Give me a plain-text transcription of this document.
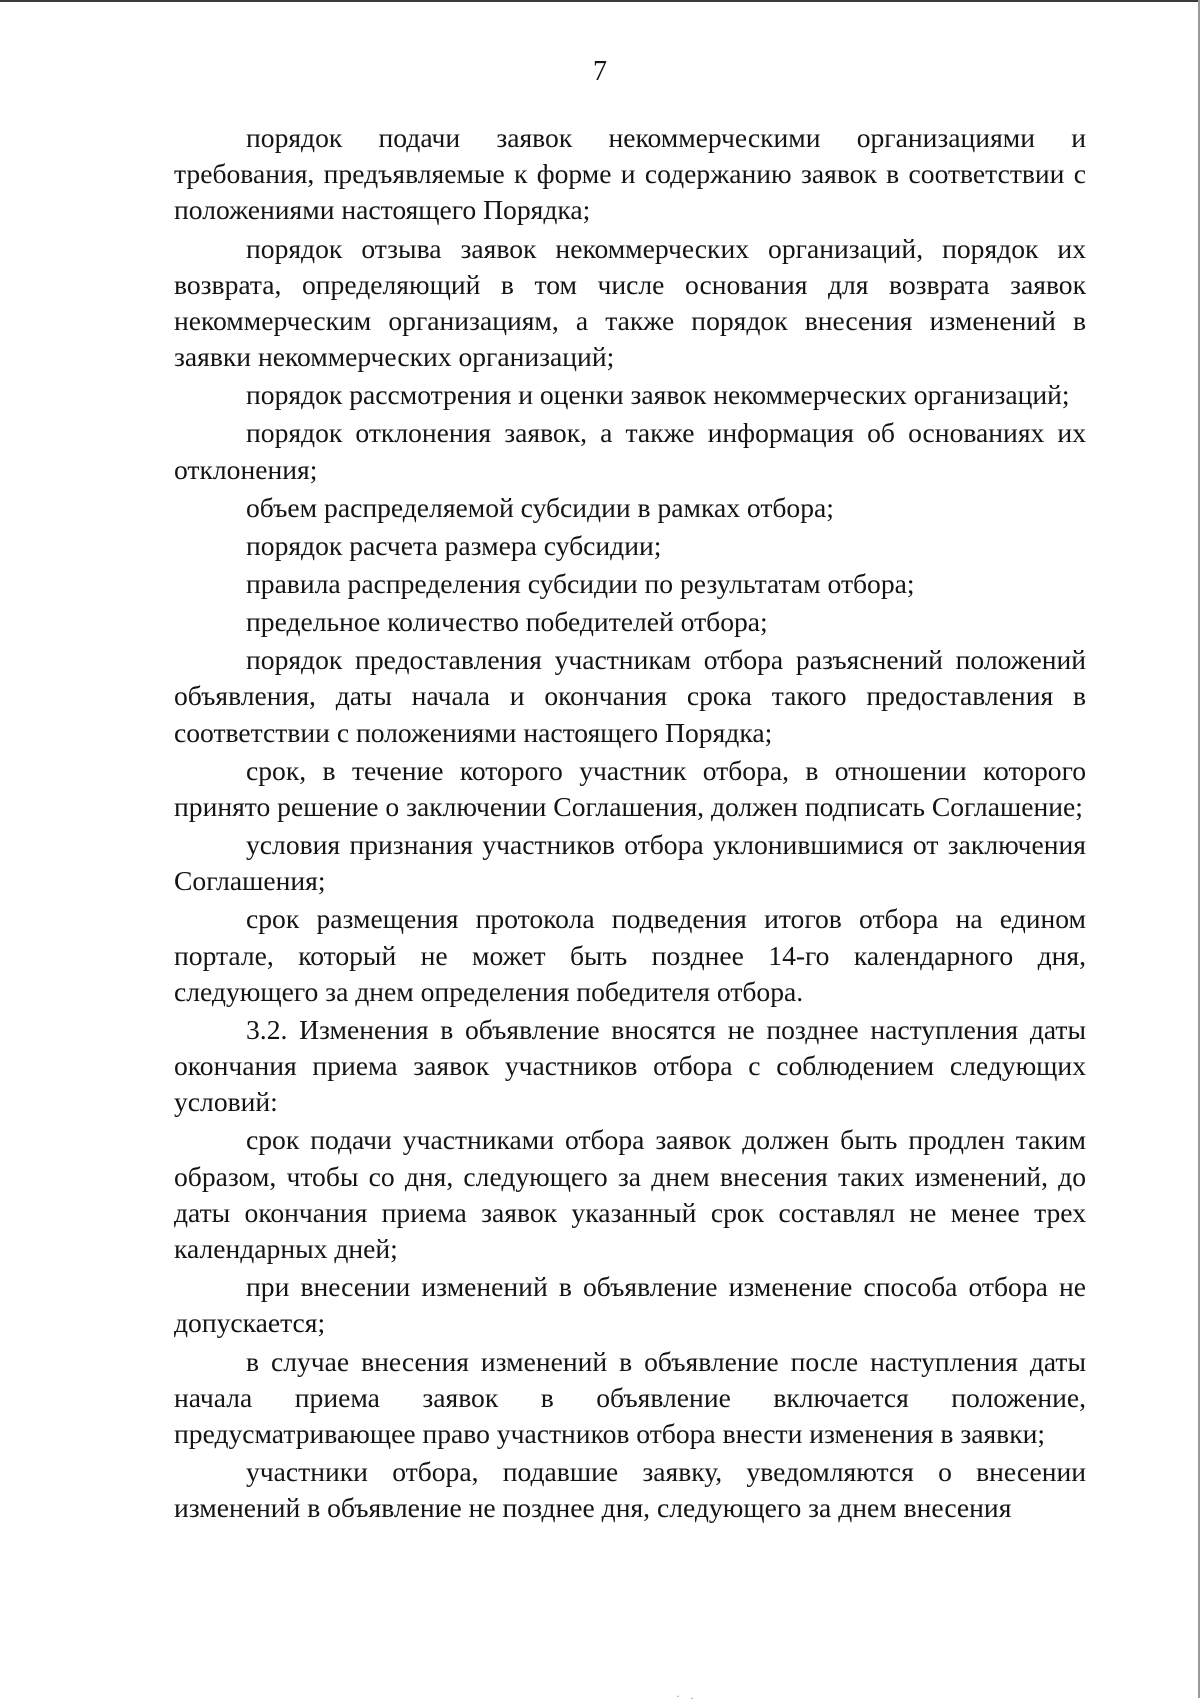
7

порядок подачи заявок некоммерческими организациями и требования, предъявляемые к форме и содержанию заявок в соответствии с положениями настоящего Порядка;

порядок отзыва заявок некоммерческих организаций, порядок их возврата, определяющий в том числе основания для возврата заявок некоммерческим организациям, а также порядок внесения изменений в заявки некоммерческих организаций;

порядок рассмотрения и оценки заявок некоммерческих организаций;

порядок отклонения заявок, а также информация об основаниях их отклонения;

объем распределяемой субсидии в рамках отбора;

порядок расчета размера субсидии;

правила распределения субсидии по результатам отбора;

предельное количество победителей отбора;

порядок предоставления участникам отбора разъяснений положений объявления, даты начала и окончания срока такого предоставления в соответствии с положениями настоящего Порядка;

срок, в течение которого участник отбора, в отношении которого принято решение о заключении Соглашения, должен подписать Соглашение;

условия признания участников отбора уклонившимися от заключения Соглашения;

срок размещения протокола подведения итогов отбора на едином портале, который не может быть позднее 14-го календарного дня, следующего за днем определения победителя отбора.

3.2. Изменения в объявление вносятся не позднее наступления даты окончания приема заявок участников отбора с соблюдением следующих условий:

срок подачи участниками отбора заявок должен быть продлен таким образом, чтобы со дня, следующего за днем внесения таких изменений, до даты окончания приема заявок указанный срок составлял не менее трех календарных дней;

при внесении изменений в объявление изменение способа отбора не допускается;

в случае внесения изменений в объявление после наступления даты начала приема заявок в объявление включается положение, предусматривающее право участников отбора внести изменения в заявки;

участники отбора, подавшие заявку, уведомляются о внесении изменений в объявление не позднее дня, следующего за днем внесения

· ·
